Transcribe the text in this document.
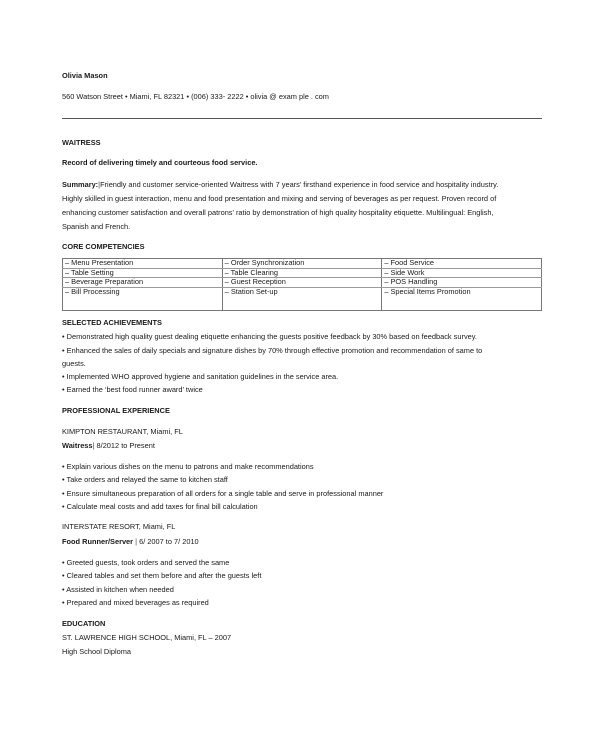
Olivia Mason
560 Watson Street • Miami, FL 82321 • (006) 333- 2222 • olivia @ exam ple . com
WAITRESS
Record of delivering timely and courteous food service.
Summary:|Friendly and customer service-oriented Waitress with 7 years' firsthand experience in food service and hospitality industry.
Highly skilled in guest interaction, menu and food presentation and mixing and serving of beverages as per request. Proven record of
enhancing customer satisfaction and overall patrons' ratio by demonstration of high quality hospitality etiquette. Multilingual: English,
Spanish and French.
CORE COMPETENCIES
– Menu Presentation	– Order Synchronization	– Food Service
– Table Setting	– Table Clearing	– Side Work
– Beverage Preparation	– Guest Reception	– POS Handling
– Bill Processing	– Station Set-up	– Special Items Promotion
SELECTED ACHIEVEMENTS
• Demonstrated high quality guest dealing etiquette enhancing the guests positive feedback by 30% based on feedback survey.
• Enhanced the sales of daily specials and signature dishes by 70% through effective promotion and recommendation of same to
guests.
• Implemented WHO approved hygiene and sanitation guidelines in the service area.
• Earned the ‘best food runner award’ twice
PROFESSIONAL EXPERIENCE
KIMPTON RESTAURANT, Miami, FL
Waitress| 8/2012 to Present
• Explain various dishes on the menu to patrons and make recommendations
• Take orders and relayed the same to kitchen staff
• Ensure simultaneous preparation of all orders for a single table and serve in professional manner
• Calculate meal costs and add taxes for final bill calculation
INTERSTATE RESORT, Miami, FL
Food Runner/Server | 6/ 2007 to 7/ 2010
• Greeted guests, took orders and served the same
• Cleared tables and set them before and after the guests left
• Assisted in kitchen when needed
• Prepared and mixed beverages as required
EDUCATION
ST. LAWRENCE HIGH SCHOOL, Miami, FL – 2007
High School Diploma
